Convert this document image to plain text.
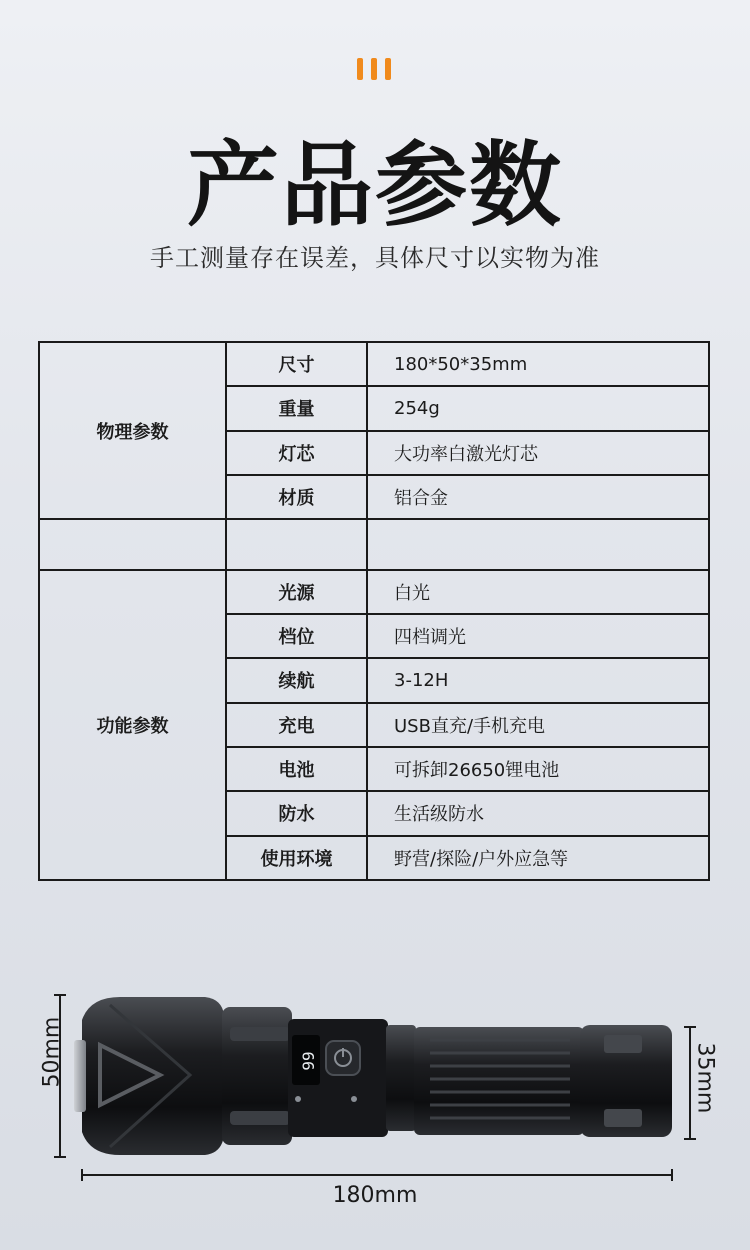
产品参数
手工测量存在误差，具体尺寸以实物为准
物理参数	尺寸	180*50*35mm
	重量	254g
	灯芯	大功率白激光灯芯
	材质	铝合金

功能参数	光源	白光
	档位	四档调光
	续航	3-12H
	充电	USB直充/手机充电
	电池	可拆卸26650锂电池
	防水	生活级防水
	使用环境	野营/探险/户外应急等
99
50mm	35mm
180mm
